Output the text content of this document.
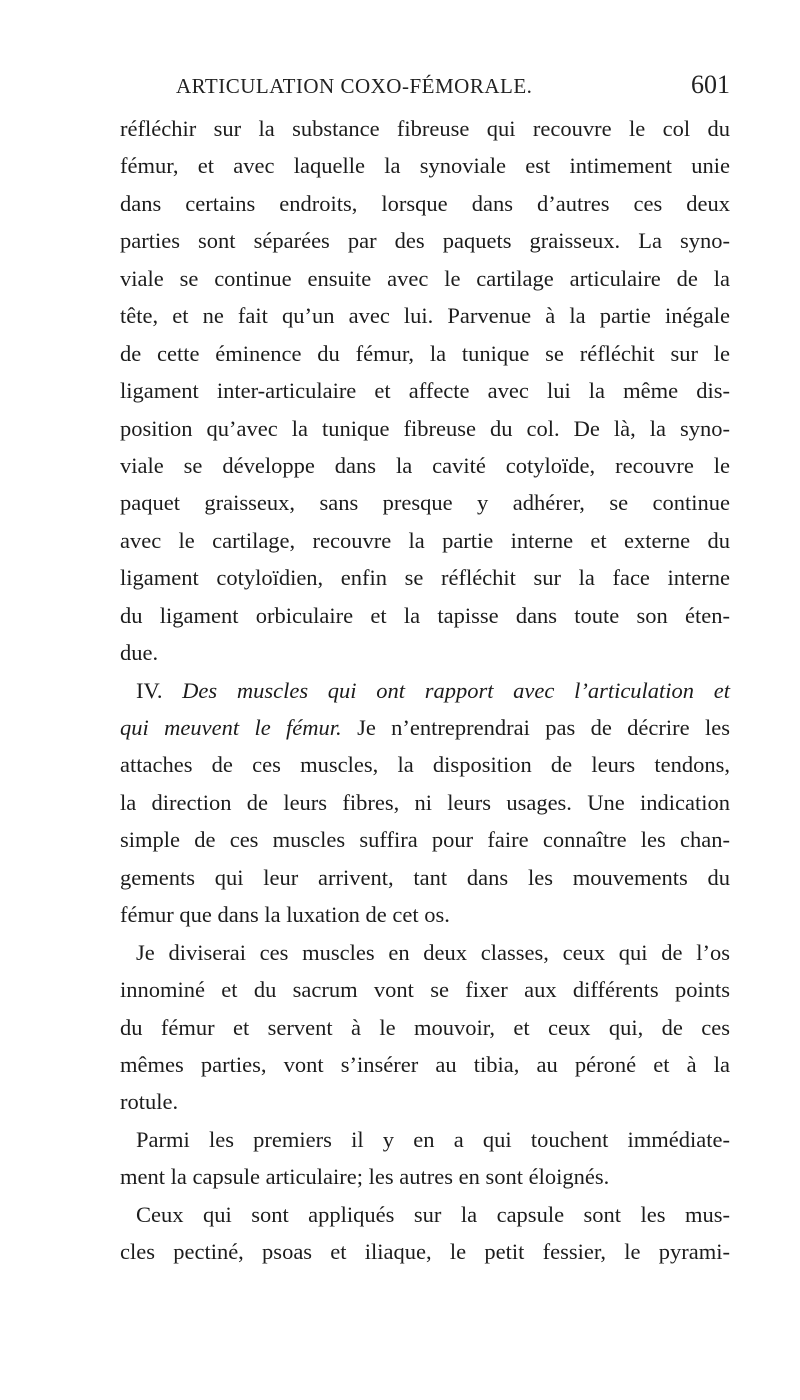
ARTICULATION COXO-FÉMORALE.	601
réfléchir sur la substance fibreuse qui recouvre le col du
fémur, et avec laquelle la synoviale est intimement unie
dans certains endroits, lorsque dans d’autres ces deux
parties sont séparées par des paquets graisseux. La syno-
viale se continue ensuite avec le cartilage articulaire de la
tête, et ne fait qu’un avec lui. Parvenue à la partie inégale
de cette éminence du fémur, la tunique se réfléchit sur le
ligament inter-articulaire et affecte avec lui la même dis-
position qu’avec la tunique fibreuse du col. De là, la syno-
viale se développe dans la cavité cotyloïde, recouvre le
paquet graisseux, sans presque y adhérer, se continue
avec le cartilage, recouvre la partie interne et externe du
ligament cotyloïdien, enfin se réfléchit sur la face interne
du ligament orbiculaire et la tapisse dans toute son éten-
due.
IV. Des muscles qui ont rapport avec l’articulation et
qui meuvent le fémur. Je n’entreprendrai pas de décrire les
attaches de ces muscles, la disposition de leurs tendons,
la direction de leurs fibres, ni leurs usages. Une indication
simple de ces muscles suffira pour faire connaître les chan-
gements qui leur arrivent, tant dans les mouvements du
fémur que dans la luxation de cet os.
Je diviserai ces muscles en deux classes, ceux qui de l’os
innominé et du sacrum vont se fixer aux différents points
du fémur et servent à le mouvoir, et ceux qui, de ces
mêmes parties, vont s’insérer au tibia, au péroné et à la
rotule.
Parmi les premiers il y en a qui touchent immédiate-
ment la capsule articulaire; les autres en sont éloignés.
Ceux qui sont appliqués sur la capsule sont les mus-
cles pectiné, psoas et iliaque, le petit fessier, le pyrami-
